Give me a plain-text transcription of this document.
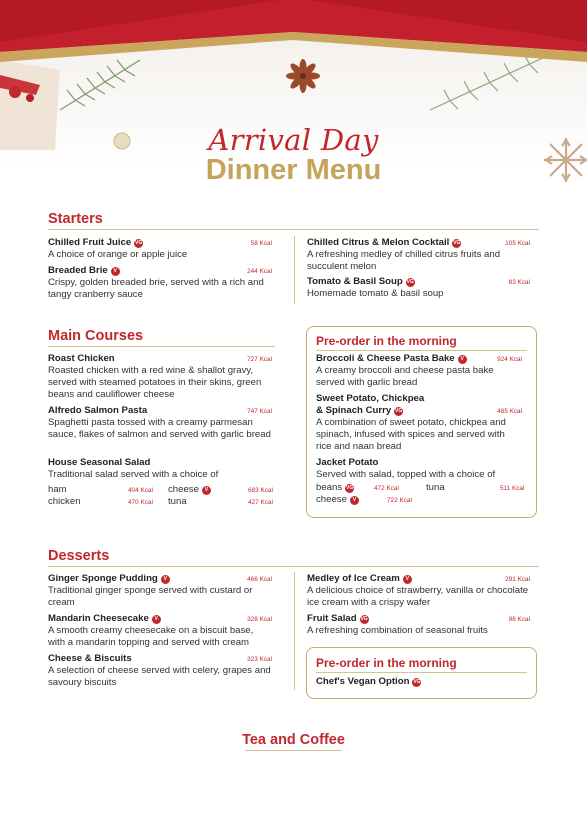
Arrival Day
Dinner Menu
Starters
Chilled Fruit Juice VG	58 Kcal
A choice of orange or apple juice
Breaded Brie	V	244 Kcal
Crispy, golden breaded brie, served with a rich and tangy cranberry sauce
Chilled Citrus & Melon Cocktail VG	105 Kcal
A refreshing medley of chilled citrus fruits and succulent melon
Tomato & Basil Soup VG	83 Kcal
Homemade tomato & basil soup
Main Courses
Roast Chicken	727 Kcal
Roasted chicken with a red wine & shallot gravy, served with steamed potatoes in their skins, green beans and cauliflower cheese
Alfredo Salmon Pasta	747 Kcal
Spaghetti pasta tossed with a creamy parmesan sauce, flakes of salmon and served with garlic bread
House Seasonal Salad
Traditional salad served with a choice of
ham	404 Kcal cheese	V	683 Kcal
chicken	470 Kcal tuna	427 Kcal
Pre-order in the morning
Broccoli & Cheese Pasta Bake	V	924 Kcal
A creamy broccoli and cheese pasta bake served with garlic bread
Sweet Potato, Chickpea
& Spinach Curry VG	485 Kcal
A combination of sweet potato, chickpea and spinach, infused with spices and served with rice and naan bread
Jacket Potato
Served with salad, topped with a choice of
beans VG	472 Kcal	tuna	511 Kcal
cheese	V	722 Kcal
Desserts
Ginger Sponge Pudding	V	466 Kcal
Traditional ginger sponge served with custard or cream
Mandarin Cheesecake	V	328 Kcal
A smooth creamy cheesecake on a biscuit base, with a mandarin topping and served with cream
Cheese & Biscuits	323 Kcal
A selection of cheese served with celery, grapes and savoury biscuits
Medley of Ice Cream	V	291 Kcal
A delicious choice of strawberry, vanilla or chocolate ice cream with a crispy wafer
Fruit Salad VG	98 Kcal
A refreshing combination of seasonal fruits
Pre-order in the morning
Chef's Vegan Option VG
Tea and Coffee
